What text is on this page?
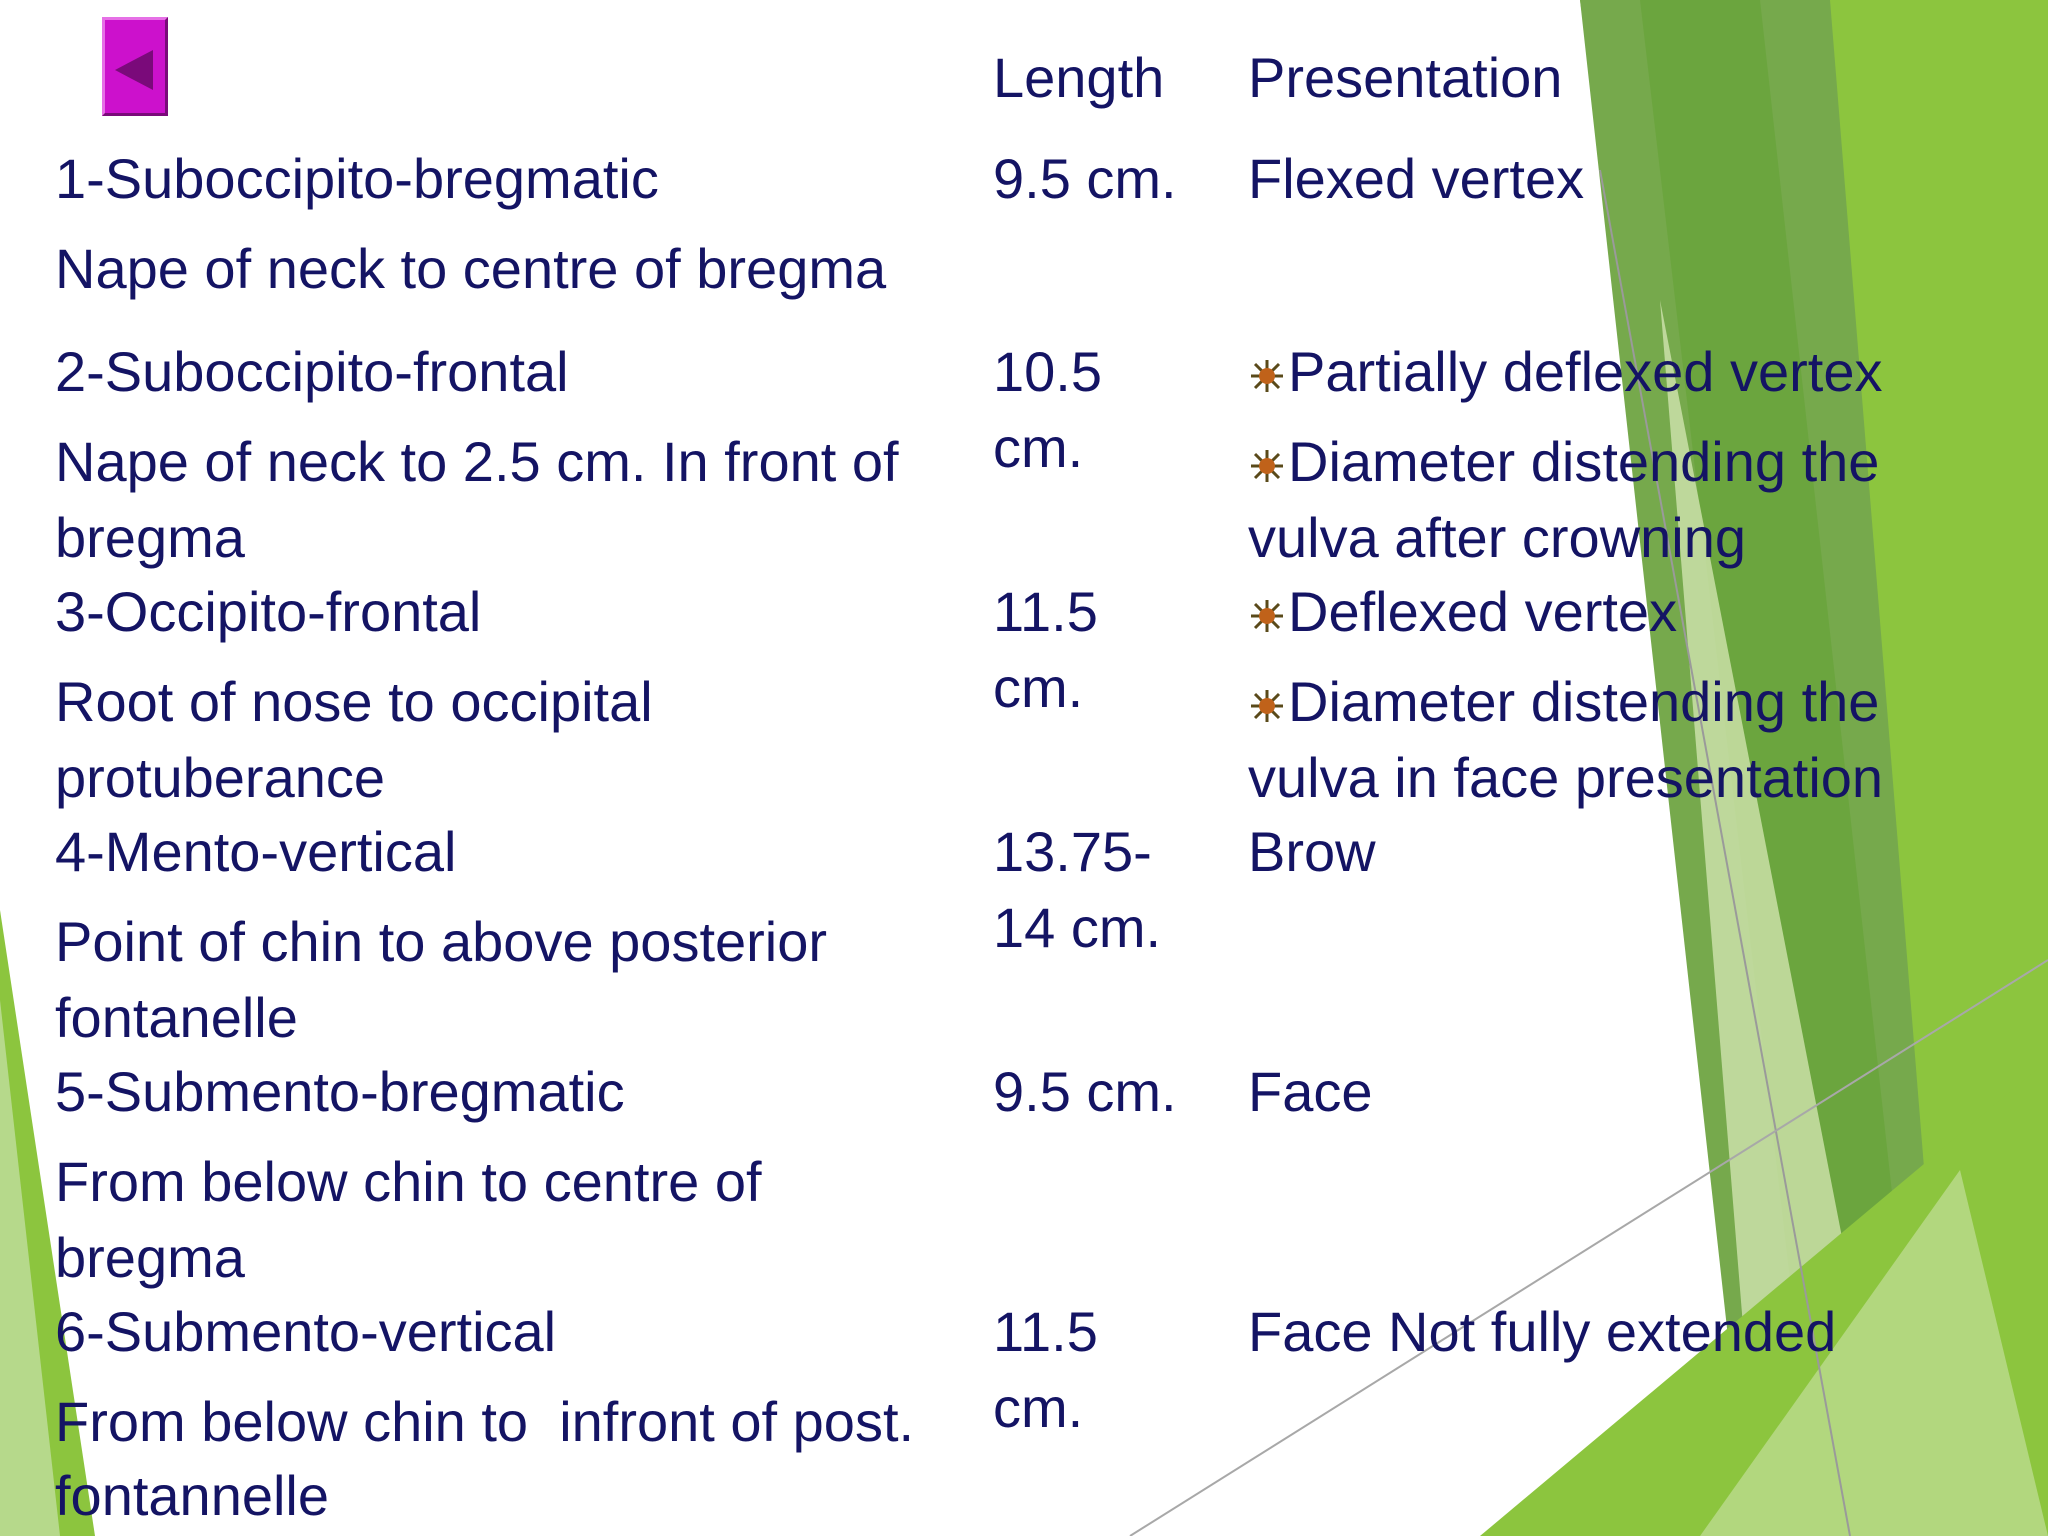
Length Presentation
1-Suboccipito-bregmatic
Nape of neck to centre of bregma
9.5 cm. Flexed vertex
2-Suboccipito-frontal
Nape of neck to 2.5 cm. In front of
bregma
10.5
cm.
Partially deflexed vertex
Diameter distending the
vulva after crowning
3-Occipito-frontal
Root of nose to occipital
protuberance
11.5
cm.
Deflexed vertex
Diameter distending the
vulva in face presentation
4-Mento-vertical
Point of chin to above posterior
fontanelle
13.75-
14 cm.
Brow
5-Submento-bregmatic
From below chin to centre of
bregma
9.5 cm. Face
6-Submento-vertical
From below chin to  infront of post.
fontannelle
11.5
cm.
Face Not fully extended
